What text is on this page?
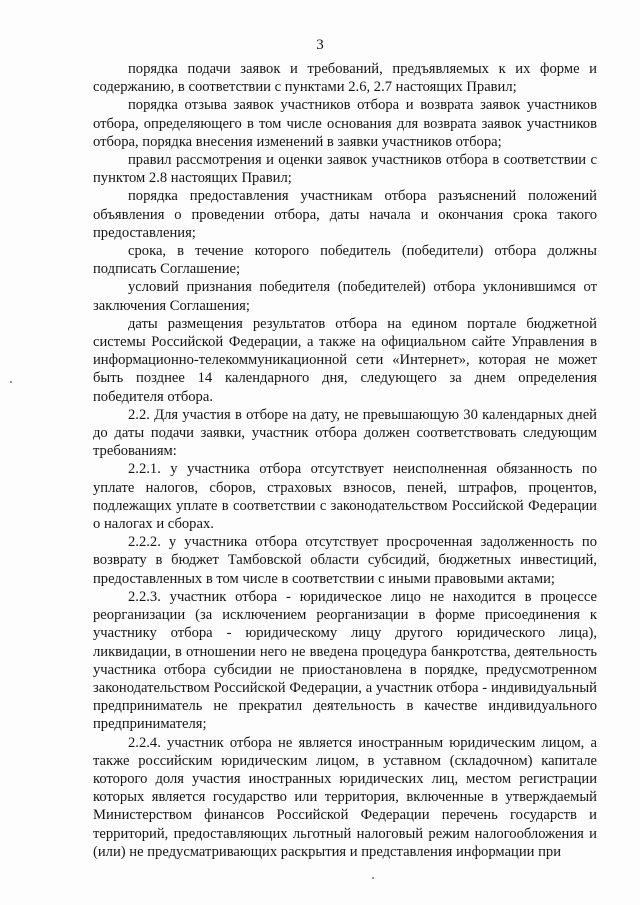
3

порядка подачи заявок и требований, предъявляемых к их форме и содержанию, в соответствии с пунктами 2.6, 2.7 настоящих Правил;

порядка отзыва заявок участников отбора и возврата заявок участников отбора, определяющего в том числе основания для возврата заявок участников отбора, порядка внесения изменений в заявки участников отбора;

правил рассмотрения и оценки заявок участников отбора в соответствии с пунктом 2.8 настоящих Правил;

порядка предоставления участникам отбора разъяснений положений объявления о проведении отбора, даты начала и окончания срока такого предоставления;

срока, в течение которого победитель (победители) отбора должны подписать Соглашение;

условий признания победителя (победителей) отбора уклонившимся от заключения Соглашения;

даты размещения результатов отбора на едином портале бюджетной системы Российской Федерации, а также на официальном сайте Управления в информационно-телекоммуникационной сети «Интернет», которая не может быть позднее 14 календарного дня, следующего за днем определения победителя отбора.

2.2. Для участия в отборе на дату, не превышающую 30 календарных дней до даты подачи заявки, участник отбора должен соответствовать следующим требованиям:

2.2.1. у участника отбора отсутствует неисполненная обязанность по уплате налогов, сборов, страховых взносов, пеней, штрафов, процентов, подлежащих уплате в соответствии с законодательством Российской Федерации о налогах и сборах.

2.2.2. у участника отбора отсутствует просроченная задолженность по возврату в бюджет Тамбовской области субсидий, бюджетных инвестиций, предоставленных в том числе в соответствии с иными правовыми актами;

2.2.3. участник отбора - юридическое лицо не находится в процессе реорганизации (за исключением реорганизации в форме присоединения к участнику отбора - юридическому лицу другого юридического лица), ликвидации, в отношении него не введена процедура банкротства, деятельность участника отбора субсидии не приостановлена в порядке, предусмотренном законодательством Российской Федерации, а участник отбора - индивидуальный предприниматель не прекратил деятельность в качестве индивидуального предпринимателя;

2.2.4. участник отбора не является иностранным юридическим лицом, а также российским юридическим лицом, в уставном (складочном) капитале которого доля участия иностранных юридических лиц, местом регистрации которых является государство или территория, включенные в утверждаемый Министерством финансов Российской Федерации перечень государств и территорий, предоставляющих льготный налоговый режим налогообложения и (или) не предусматривающих раскрытия и представления информации при
